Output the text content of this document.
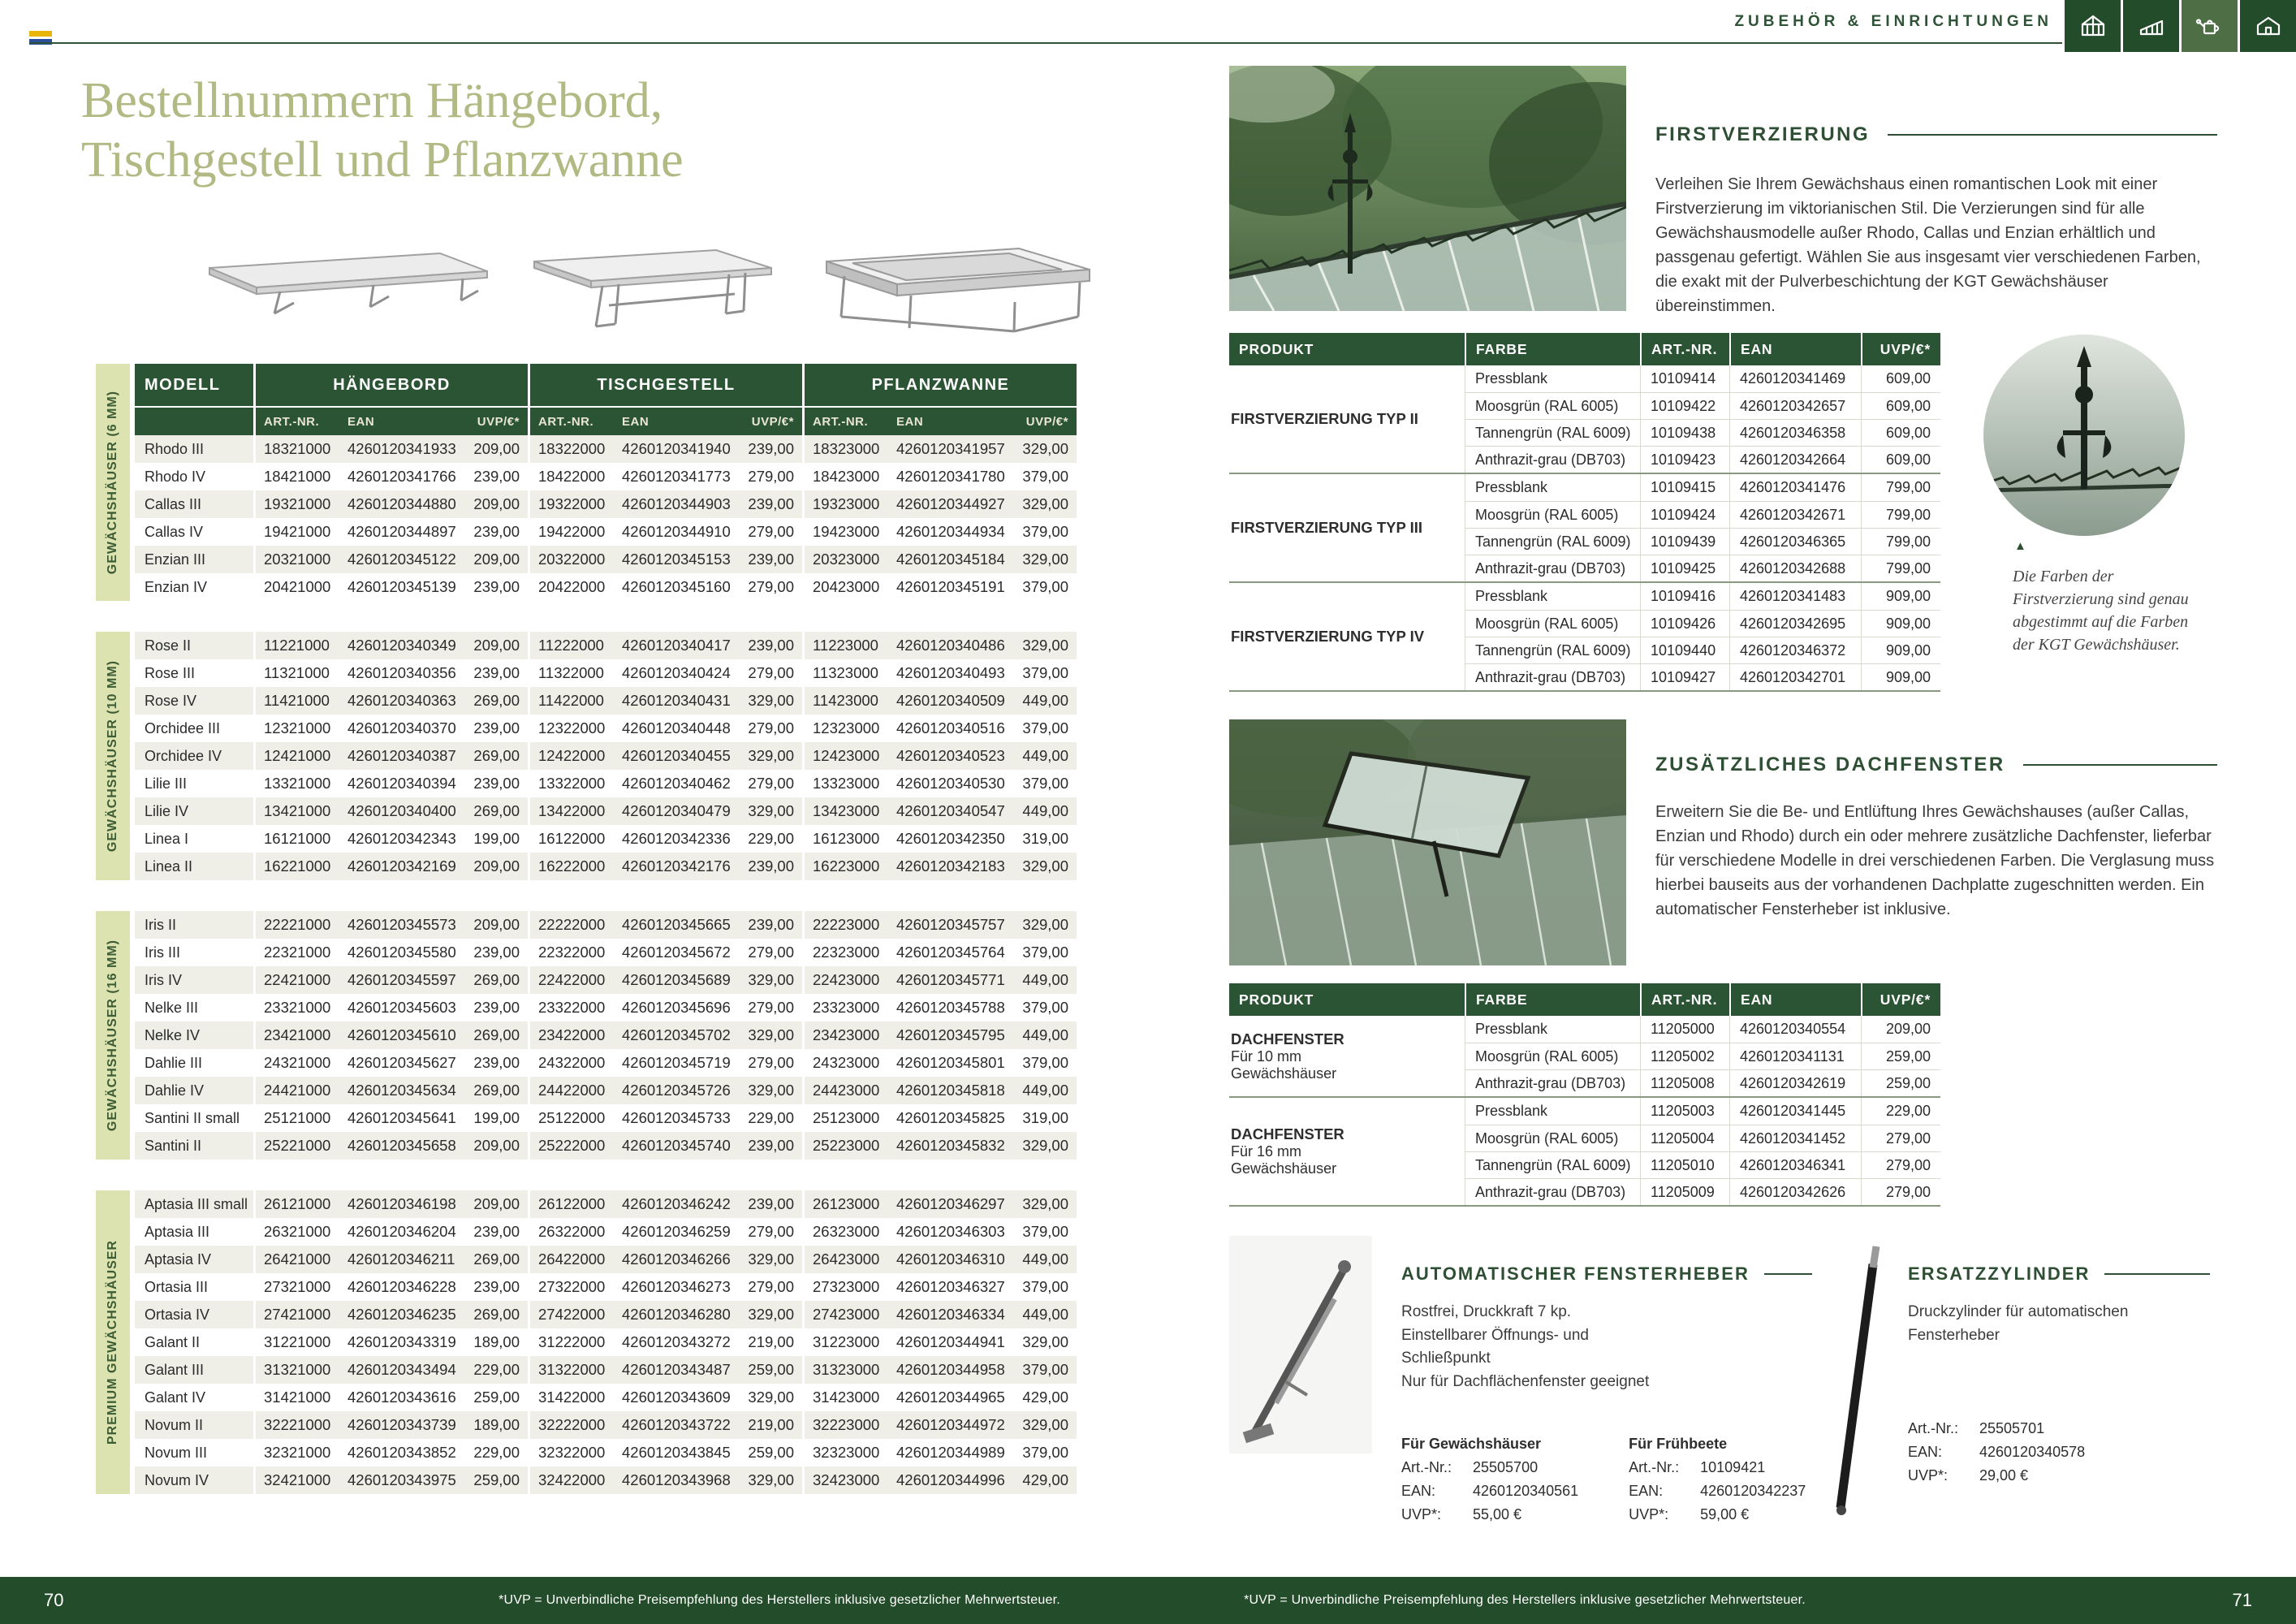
ZUBEHÖR & EINRICHTUNGEN
Bestellnummern Hängebord,
Tischgestell und Pflanzwanne
GEWÄCHSHÄUSER (6 MM)
MODELL	HÄNGEBORD	TISCHGESTELL	PFLANZWANNE
ART.-NR.	EAN	UVP/€*	ART.-NR.	EAN	UVP/€*	ART.-NR.	EAN	UVP/€*
Rhodo III	18321000	4260120341933	209,00	18322000	4260120341940	239,00	18323000	4260120341957	329,00
Rhodo IV	18421000	4260120341766	239,00	18422000	4260120341773	279,00	18423000	4260120341780	379,00
Callas III	19321000	4260120344880	209,00	19322000	4260120344903	239,00	19323000	4260120344927	329,00
Callas IV	19421000	4260120344897	239,00	19422000	4260120344910	279,00	19423000	4260120344934	379,00
Enzian III	20321000	4260120345122	209,00	20322000	4260120345153	239,00	20323000	4260120345184	329,00
Enzian IV	20421000	4260120345139	239,00	20422000	4260120345160	279,00	20423000	4260120345191	379,00
GEWÄCHSHÄUSER (10 MM)
Rose II	11221000	4260120340349	209,00	11222000	4260120340417	239,00	11223000	4260120340486	329,00
Rose III	11321000	4260120340356	239,00	11322000	4260120340424	279,00	11323000	4260120340493	379,00
Rose IV	11421000	4260120340363	269,00	11422000	4260120340431	329,00	11423000	4260120340509	449,00
Orchidee III	12321000	4260120340370	239,00	12322000	4260120340448	279,00	12323000	4260120340516	379,00
Orchidee IV	12421000	4260120340387	269,00	12422000	4260120340455	329,00	12423000	4260120340523	449,00
Lilie III	13321000	4260120340394	239,00	13322000	4260120340462	279,00	13323000	4260120340530	379,00
Lilie IV	13421000	4260120340400	269,00	13422000	4260120340479	329,00	13423000	4260120340547	449,00
Linea I	16121000	4260120342343	199,00	16122000	4260120342336	229,00	16123000	4260120342350	319,00
Linea II	16221000	4260120342169	209,00	16222000	4260120342176	239,00	16223000	4260120342183	329,00
GEWÄCHSHÄUSER (16 MM)
Iris II	22221000	4260120345573	209,00	22222000	4260120345665	239,00	22223000	4260120345757	329,00
Iris III	22321000	4260120345580	239,00	22322000	4260120345672	279,00	22323000	4260120345764	379,00
Iris IV	22421000	4260120345597	269,00	22422000	4260120345689	329,00	22423000	4260120345771	449,00
Nelke III	23321000	4260120345603	239,00	23322000	4260120345696	279,00	23323000	4260120345788	379,00
Nelke IV	23421000	4260120345610	269,00	23422000	4260120345702	329,00	23423000	4260120345795	449,00
Dahlie III	24321000	4260120345627	239,00	24322000	4260120345719	279,00	24323000	4260120345801	379,00
Dahlie IV	24421000	4260120345634	269,00	24422000	4260120345726	329,00	24423000	4260120345818	449,00
Santini II small	25121000	4260120345641	199,00	25122000	4260120345733	229,00	25123000	4260120345825	319,00
Santini II	25221000	4260120345658	209,00	25222000	4260120345740	239,00	25223000	4260120345832	329,00
PREMIUM GEWÄCHSHÄUSER
Aptasia III small	26121000	4260120346198	209,00	26122000	4260120346242	239,00	26123000	4260120346297	329,00
Aptasia III	26321000	4260120346204	239,00	26322000	4260120346259	279,00	26323000	4260120346303	379,00
Aptasia IV	26421000	4260120346211	269,00	26422000	4260120346266	329,00	26423000	4260120346310	449,00
Ortasia III	27321000	4260120346228	239,00	27322000	4260120346273	279,00	27323000	4260120346327	379,00
Ortasia IV	27421000	4260120346235	269,00	27422000	4260120346280	329,00	27423000	4260120346334	449,00
Galant II	31221000	4260120343319	189,00	31222000	4260120343272	219,00	31223000	4260120344941	329,00
Galant III	31321000	4260120343494	229,00	31322000	4260120343487	259,00	31323000	4260120344958	379,00
Galant IV	31421000	4260120343616	259,00	31422000	4260120343609	329,00	31423000	4260120344965	429,00
Novum II	32221000	4260120343739	189,00	32222000	4260120343722	219,00	32223000	4260120344972	329,00
Novum III	32321000	4260120343852	229,00	32322000	4260120343845	259,00	32323000	4260120344989	379,00
Novum IV	32421000	4260120343975	259,00	32422000	4260120343968	329,00	32423000	4260120344996	429,00
FIRSTVERZIERUNG
Verleihen Sie Ihrem Gewächshaus einen romantischen Look mit einer Firstverzierung im viktorianischen Stil. Die Verzierungen sind für alle Gewächshausmodelle außer Rhodo, Callas und Enzian erhältlich und passgenau gefertigt. Wählen Sie aus insgesamt vier verschiedenen Farben, die exakt mit der Pulverbeschichtung der KGT Gewächshäuser übereinstimmen.
PRODUKT	FARBE	ART.-NR.	EAN	UVP/€*
FIRSTVERZIERUNG TYP II
Pressblank	10109414	4260120341469	609,00
Moosgrün (RAL 6005)	10109422	4260120342657	609,00
Tannengrün (RAL 6009)	10109438	4260120346358	609,00
Anthrazit-grau (DB703)	10109423	4260120342664	609,00
FIRSTVERZIERUNG TYP III
Pressblank	10109415	4260120341476	799,00
Moosgrün (RAL 6005)	10109424	4260120342671	799,00
Tannengrün (RAL 6009)	10109439	4260120346365	799,00
Anthrazit-grau (DB703)	10109425	4260120342688	799,00
FIRSTVERZIERUNG TYP IV
Pressblank	10109416	4260120341483	909,00
Moosgrün (RAL 6005)	10109426	4260120342695	909,00
Tannengrün (RAL 6009)	10109440	4260120346372	909,00
Anthrazit-grau (DB703)	10109427	4260120342701	909,00
▲
Die Farben der Firstverzierung sind genau abgestimmt auf die Farben der KGT Gewächshäuser.
ZUSÄTZLICHES DACHFENSTER
Erweitern Sie die Be- und Entlüftung Ihres Gewächshauses (außer Callas, Enzian und Rhodo) durch ein oder mehrere zusätzliche Dachfenster, lieferbar für verschiedene Modelle in drei verschiedenen Farben. Die Verglasung muss hierbei bauseits aus der vorhandenen Dachplatte zugeschnitten werden. Ein automatischer Fensterheber ist inklusive.
PRODUKT	FARBE	ART.-NR.	EAN	UVP/€*
DACHFENSTER
Für 10 mm
Gewächshäuser
Pressblank	11205000	4260120340554	209,00
Moosgrün (RAL 6005)	11205002	4260120341131	259,00
Anthrazit-grau (DB703)	11205008	4260120342619	259,00
DACHFENSTER
Für 16 mm
Gewächshäuser
Pressblank	11205003	4260120341445	229,00
Moosgrün (RAL 6005)	11205004	4260120341452	279,00
Tannengrün (RAL 6009)	11205010	4260120346341	279,00
Anthrazit-grau (DB703)	11205009	4260120342626	279,00
AUTOMATISCHER FENSTERHEBER
Rostfrei, Druckkraft 7 kp.
Einstellbarer Öffnungs- und
Schließpunkt
Nur für Dachflächenfenster geeignet
Für Gewächshäuser
Art.-Nr.:	25505700
EAN:	4260120340561
UVP*:	55,00 €
Für Frühbeete
Art.-Nr.:	10109421
EAN:	4260120342237
UVP*:	59,00 €
ERSATZZYLINDER
Druckzylinder für automatischen Fensterheber
Art.-Nr.:	25505701
EAN:	4260120340578
UVP*:	29,00 €
70	*UVP = Unverbindliche Preisempfehlung des Herstellers inklusive gesetzlicher Mehrwertsteuer.	*UVP = Unverbindliche Preisempfehlung des Herstellers inklusive gesetzlicher Mehrwertsteuer.	71
